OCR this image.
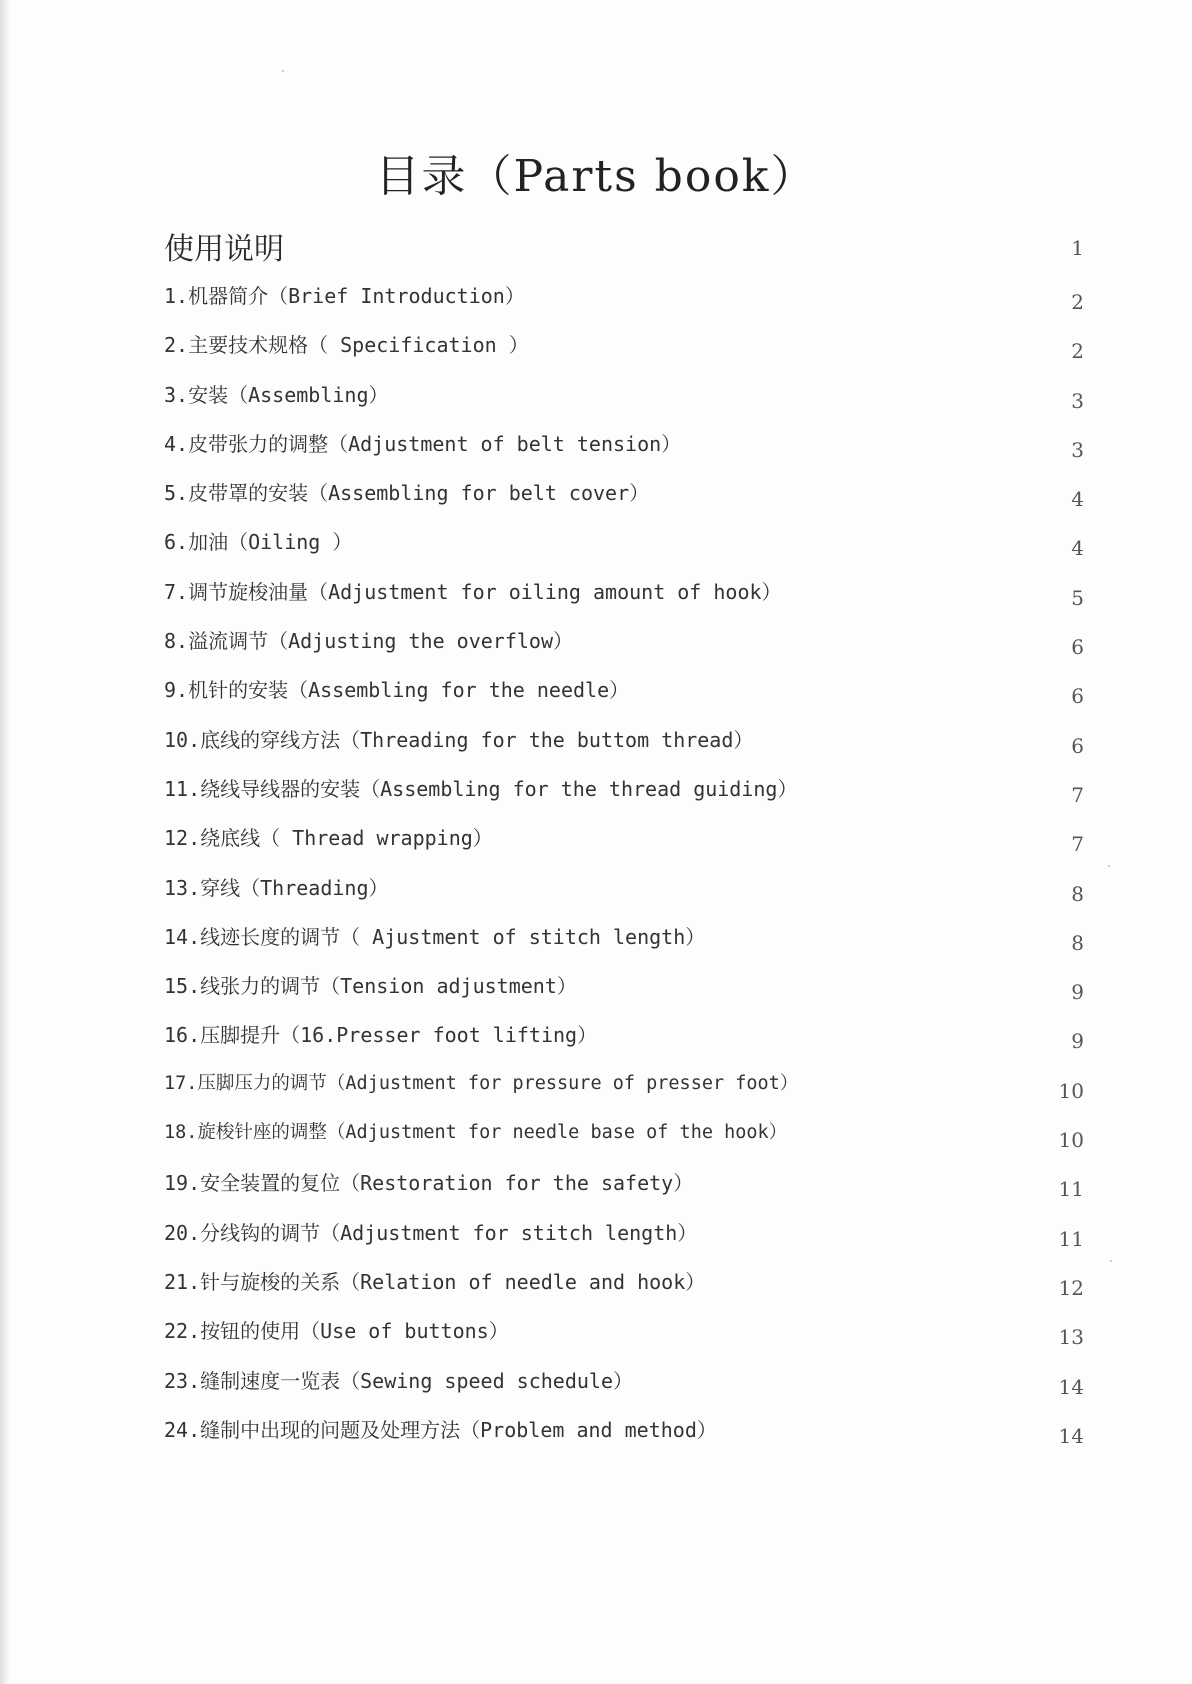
目录（Parts book）
使用说明	1
1.机器简介（Brief Introduction）	2
2.主要技术规格（ Specification ）	2
3.安装（Assembling）	3
4.皮带张力的调整（Adjustment of belt tension）	3
5.皮带罩的安装（Assembling for belt cover）	4
6.加油（Oiling ）	4
7.调节旋梭油量（Adjustment for oiling amount of hook）	5
8.溢流调节（Adjusting the overflow）	6
9.机针的安装（Assembling for the needle）	6
10.底线的穿线方法（Threading for the buttom thread）	6
11.绕线导线器的安装（Assembling for the thread guiding）	7
12.绕底线（ Thread wrapping）	7
13.穿线（Threading）	8
14.线迹长度的调节（ Ajustment of stitch length）	8
15.线张力的调节（Tension adjustment）	9
16.压脚提升（16.Presser foot lifting）	9
17.压脚压力的调节（Adjustment for pressure of presser foot）	10
18.旋梭针座的调整（Adjustment for needle base of the hook）	10
19.安全装置的复位（Restoration for the safety）	11
20.分线钩的调节（Adjustment for stitch length）	11
21.针与旋梭的关系（Relation of needle and hook）	12
22.按钮的使用（Use of buttons）	13
23.缝制速度一览表（Sewing speed schedule）	14
24.缝制中出现的问题及处理方法（Problem and method）	14
